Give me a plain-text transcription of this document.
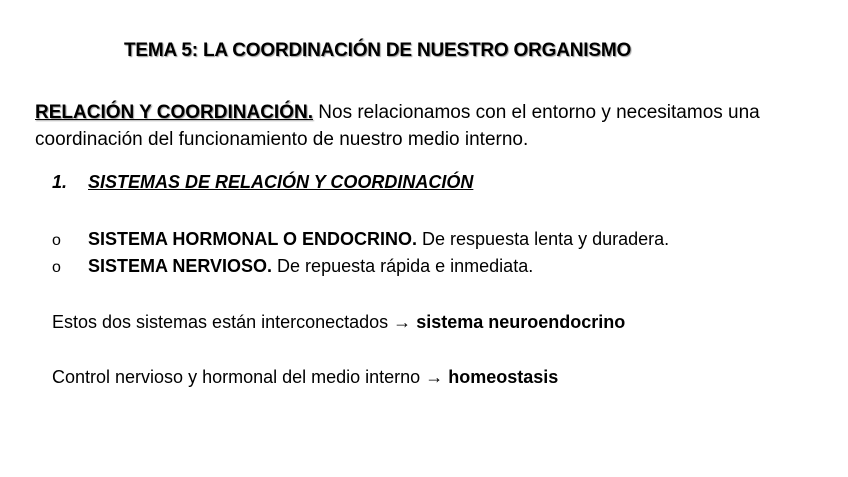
TEMA 5: LA COORDINACIÓN DE NUESTRO ORGANISMO
RELACIÓN Y COORDINACIÓN. Nos relacionamos con el entorno y necesitamos una coordinación del funcionamiento de nuestro medio interno.
1. SISTEMAS DE RELACIÓN Y COORDINACIÓN
o SISTEMA HORMONAL O ENDOCRINO. De respuesta lenta y duradera.
o SISTEMA NERVIOSO. De repuesta rápida e inmediata.
Estos dos sistemas están interconectados → sistema neuroendocrino
Control nervioso y hormonal del medio interno → homeostasis
